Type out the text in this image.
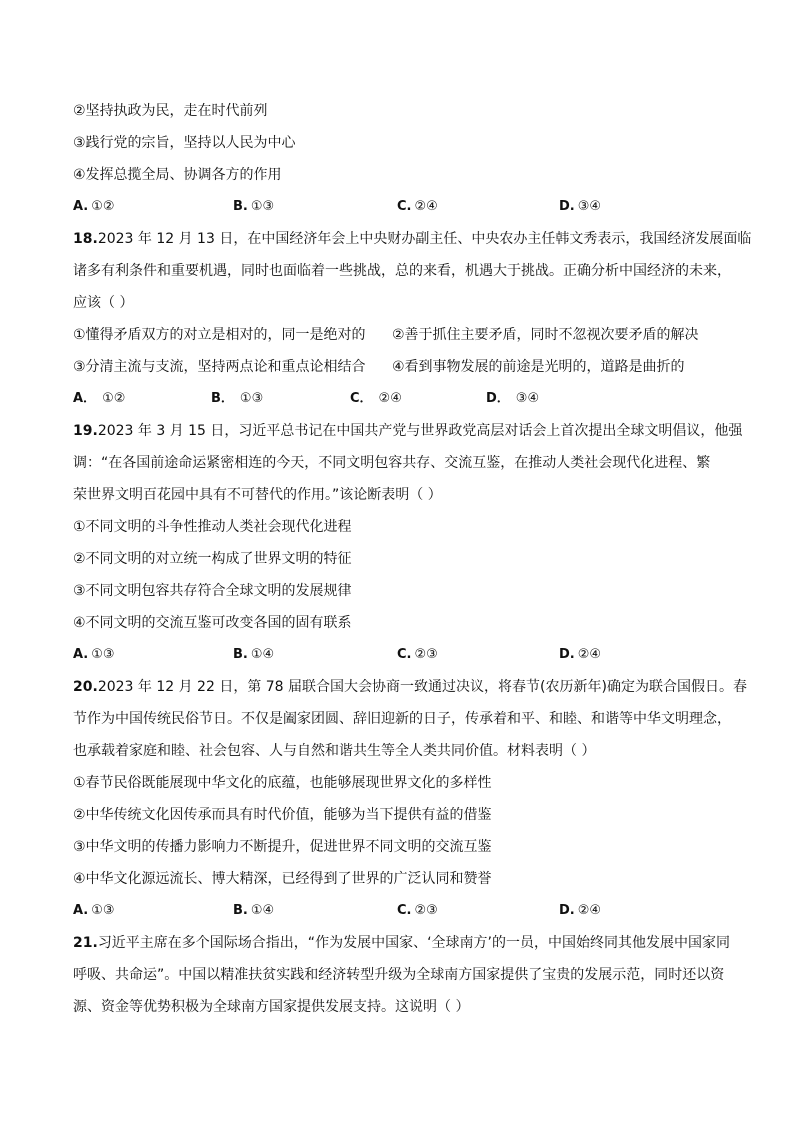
②坚持执政为民，走在时代前列
③践行党的宗旨，坚持以人民为中心
④发挥总揽全局、协调各方的作用
A. ①②	B. ①③	C. ②④	D. ③④
18.2023 年 12 月 13 日，在中国经济年会上中央财办副主任、中央农办主任韩文秀表示，我国经济发展面临
诸多有利条件和重要机遇，同时也面临着一些挑战，总的来看，机遇大于挑战。正确分析中国经济的未来，
应该（ ）
①懂得矛盾双方的对立是相对的，同一是绝对的 ②善于抓住主要矛盾，同时不忽视次要矛盾的解决
③分清主流与支流，坚持两点论和重点论相结合 ④看到事物发展的前途是光明的，道路是曲折的
A． ①②	B． ①③	C． ②④	D． ③④
19.2023 年 3 月 15 日，习近平总书记在中国共产党与世界政党高层对话会上首次提出全球文明倡议，他强
调：“在各国前途命运紧密相连的今天，不同文明包容共存、交流互鉴，在推动人类社会现代化进程、繁
荣世界文明百花园中具有不可替代的作用。”该论断表明（ ）
①不同文明的斗争性推动人类社会现代化进程
②不同文明的对立统一构成了世界文明的特征
③不同文明包容共存符合全球文明的发展规律
④不同文明的交流互鉴可改变各国的固有联系
A. ①③	B. ①④	C. ②③	D. ②④
20.2023 年 12 月 22 日，第 78 届联合国大会协商一致通过决议，将春节(农历新年)确定为联合国假日。春
节作为中国传统民俗节日。不仅是阖家团圆、辞旧迎新的日子，传承着和平、和睦、和谐等中华文明理念，
也承载着家庭和睦、社会包容、人与自然和谐共生等全人类共同价值。材料表明（ ）
①春节民俗既能展现中华文化的底蕴，也能够展现世界文化的多样性
②中华传统文化因传承而具有时代价值，能够为当下提供有益的借鉴
③中华文明的传播力影响力不断提升，促进世界不同文明的交流互鉴
④中华文化源远流长、博大精深，已经得到了世界的广泛认同和赞誉
A. ①③	B. ①④	C. ②③	D. ②④
21.习近平主席在多个国际场合指出，“作为发展中国家、‘全球南方’的一员，中国始终同其他发展中国家同
呼吸、共命运”。中国以精准扶贫实践和经济转型升级为全球南方国家提供了宝贵的发展示范，同时还以资
源、资金等优势积极为全球南方国家提供发展支持。这说明（ ）
